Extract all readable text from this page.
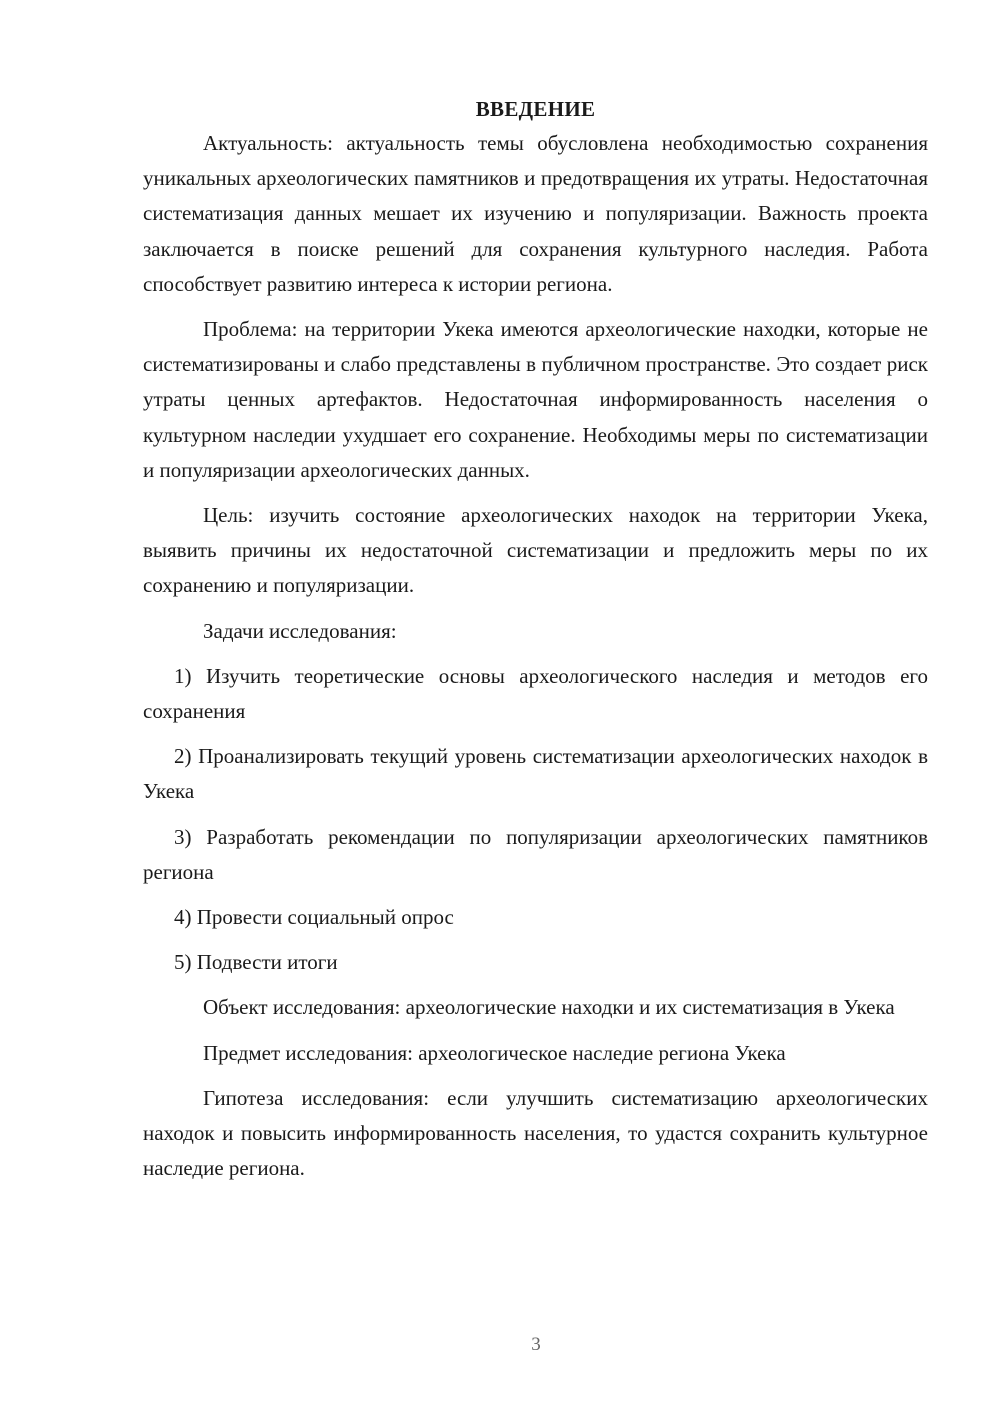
ВВЕДЕНИЕ

Актуальность: актуальность темы обусловлена необходимостью сохранения уникальных археологических памятников и предотвращения их утраты. Недостаточная систематизация данных мешает их изучению и популяризации. Важность проекта заключается в поиске решений для сохранения культурного наследия. Работа способствует развитию интереса к истории региона.

Проблема: на территории Укека имеются археологические находки, которые не систематизированы и слабо представлены в публичном пространстве. Это создает риск утраты ценных артефактов. Недостаточная информированность населения о культурном наследии ухудшает его сохранение. Необходимы меры по систематизации и популяризации археологических данных.

Цель: изучить состояние археологических находок на территории Укека, выявить причины их недостаточной систематизации и предложить меры по их сохранению и популяризации.

Задачи исследования:

1) Изучить теоретические основы археологического наследия и методов его сохранения

2) Проанализировать текущий уровень систематизации археологических находок в Укека

3) Разработать рекомендации по популяризации археологических памятников региона

4) Провести социальный опрос

5) Подвести итоги

Объект исследования: археологические находки и их систематизация в Укека

Предмет исследования: археологическое наследие региона Укека

Гипотеза исследования: если улучшить систематизацию археологических находок и повысить информированность населения, то удастся сохранить культурное наследие региона.

3
